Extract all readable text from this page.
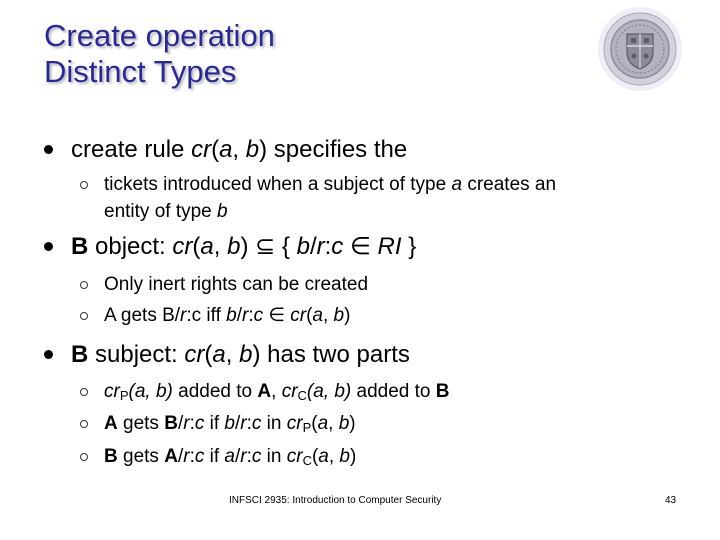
Create operation
Distinct Types
create rule cr(a, b) specifies the
tickets introduced when a subject of type a creates an
entity of type b
B object: cr(a, b) ⊆ { b/r:c ∈ RI }
Only inert rights can be created
A gets B/r:c iff b/r:c ∈ cr(a, b)
B subject: cr(a, b) has two parts
$cr_P(a$, b) added to A, $cr_C(a$, b) added to B
A gets B/r:c if b/r:c in $cr_P(a$, b)
B gets A/r:c if a/r:c in $cr_C(a$, b)
INFSCI 2935: Introduction to Computer Security	43
